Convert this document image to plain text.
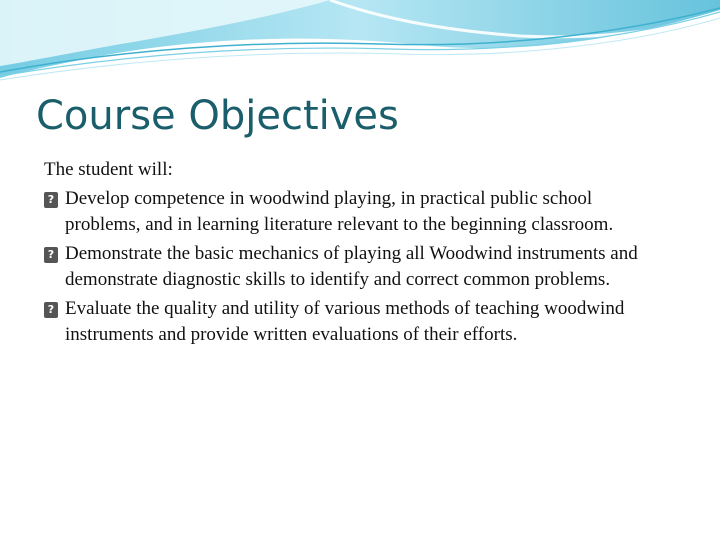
Course Objectives

The student will:

? Develop competence in woodwind playing, in practical public school problems, and in learning literature relevant to the beginning classroom.
? Demonstrate the basic mechanics of playing all Woodwind instruments and demonstrate diagnostic skills to identify and correct common problems.
? Evaluate the quality and utility of various methods of teaching woodwind instruments and provide written evaluations of their efforts.
